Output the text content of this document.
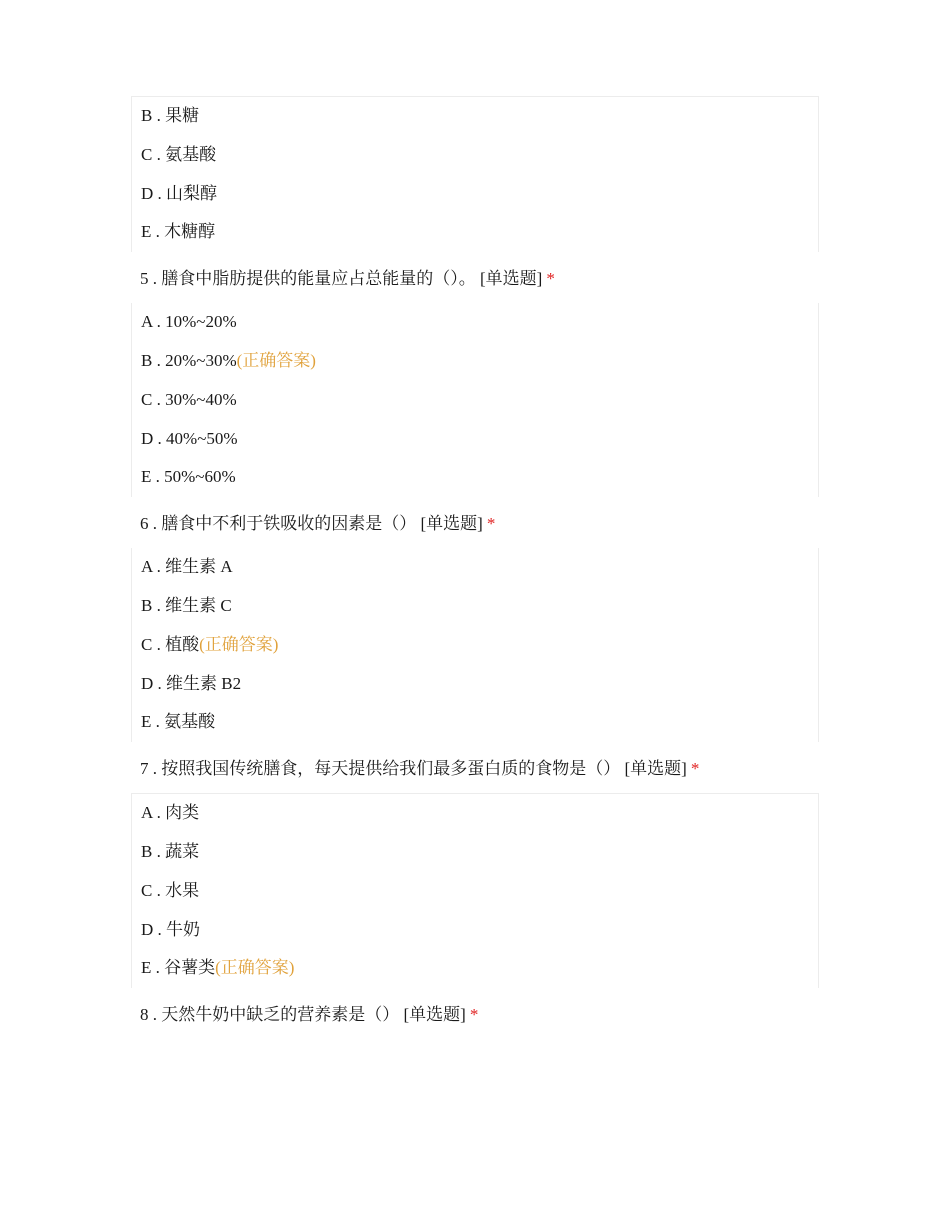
B . 果糖
C . 氨基酸
D . 山梨醇
E . 木糖醇
5 . 膳食中脂肪提供的能量应占总能量的（）。 [单选题] *
A . 10%~20%
B . 20%~30%(正确答案)
C . 30%~40%
D . 40%~50%
E . 50%~60%
6 . 膳食中不利于铁吸收的因素是（） [单选题] *
A . 维生素 A
B . 维生素 C
C . 植酸(正确答案)
D . 维生素 B2
E . 氨基酸
7 . 按照我国传统膳食，每天提供给我们最多蛋白质的食物是（） [单选题] *
A . 肉类
B . 蔬菜
C . 水果
D . 牛奶
E . 谷薯类(正确答案)
8 . 天然牛奶中缺乏的营养素是（） [单选题] *
